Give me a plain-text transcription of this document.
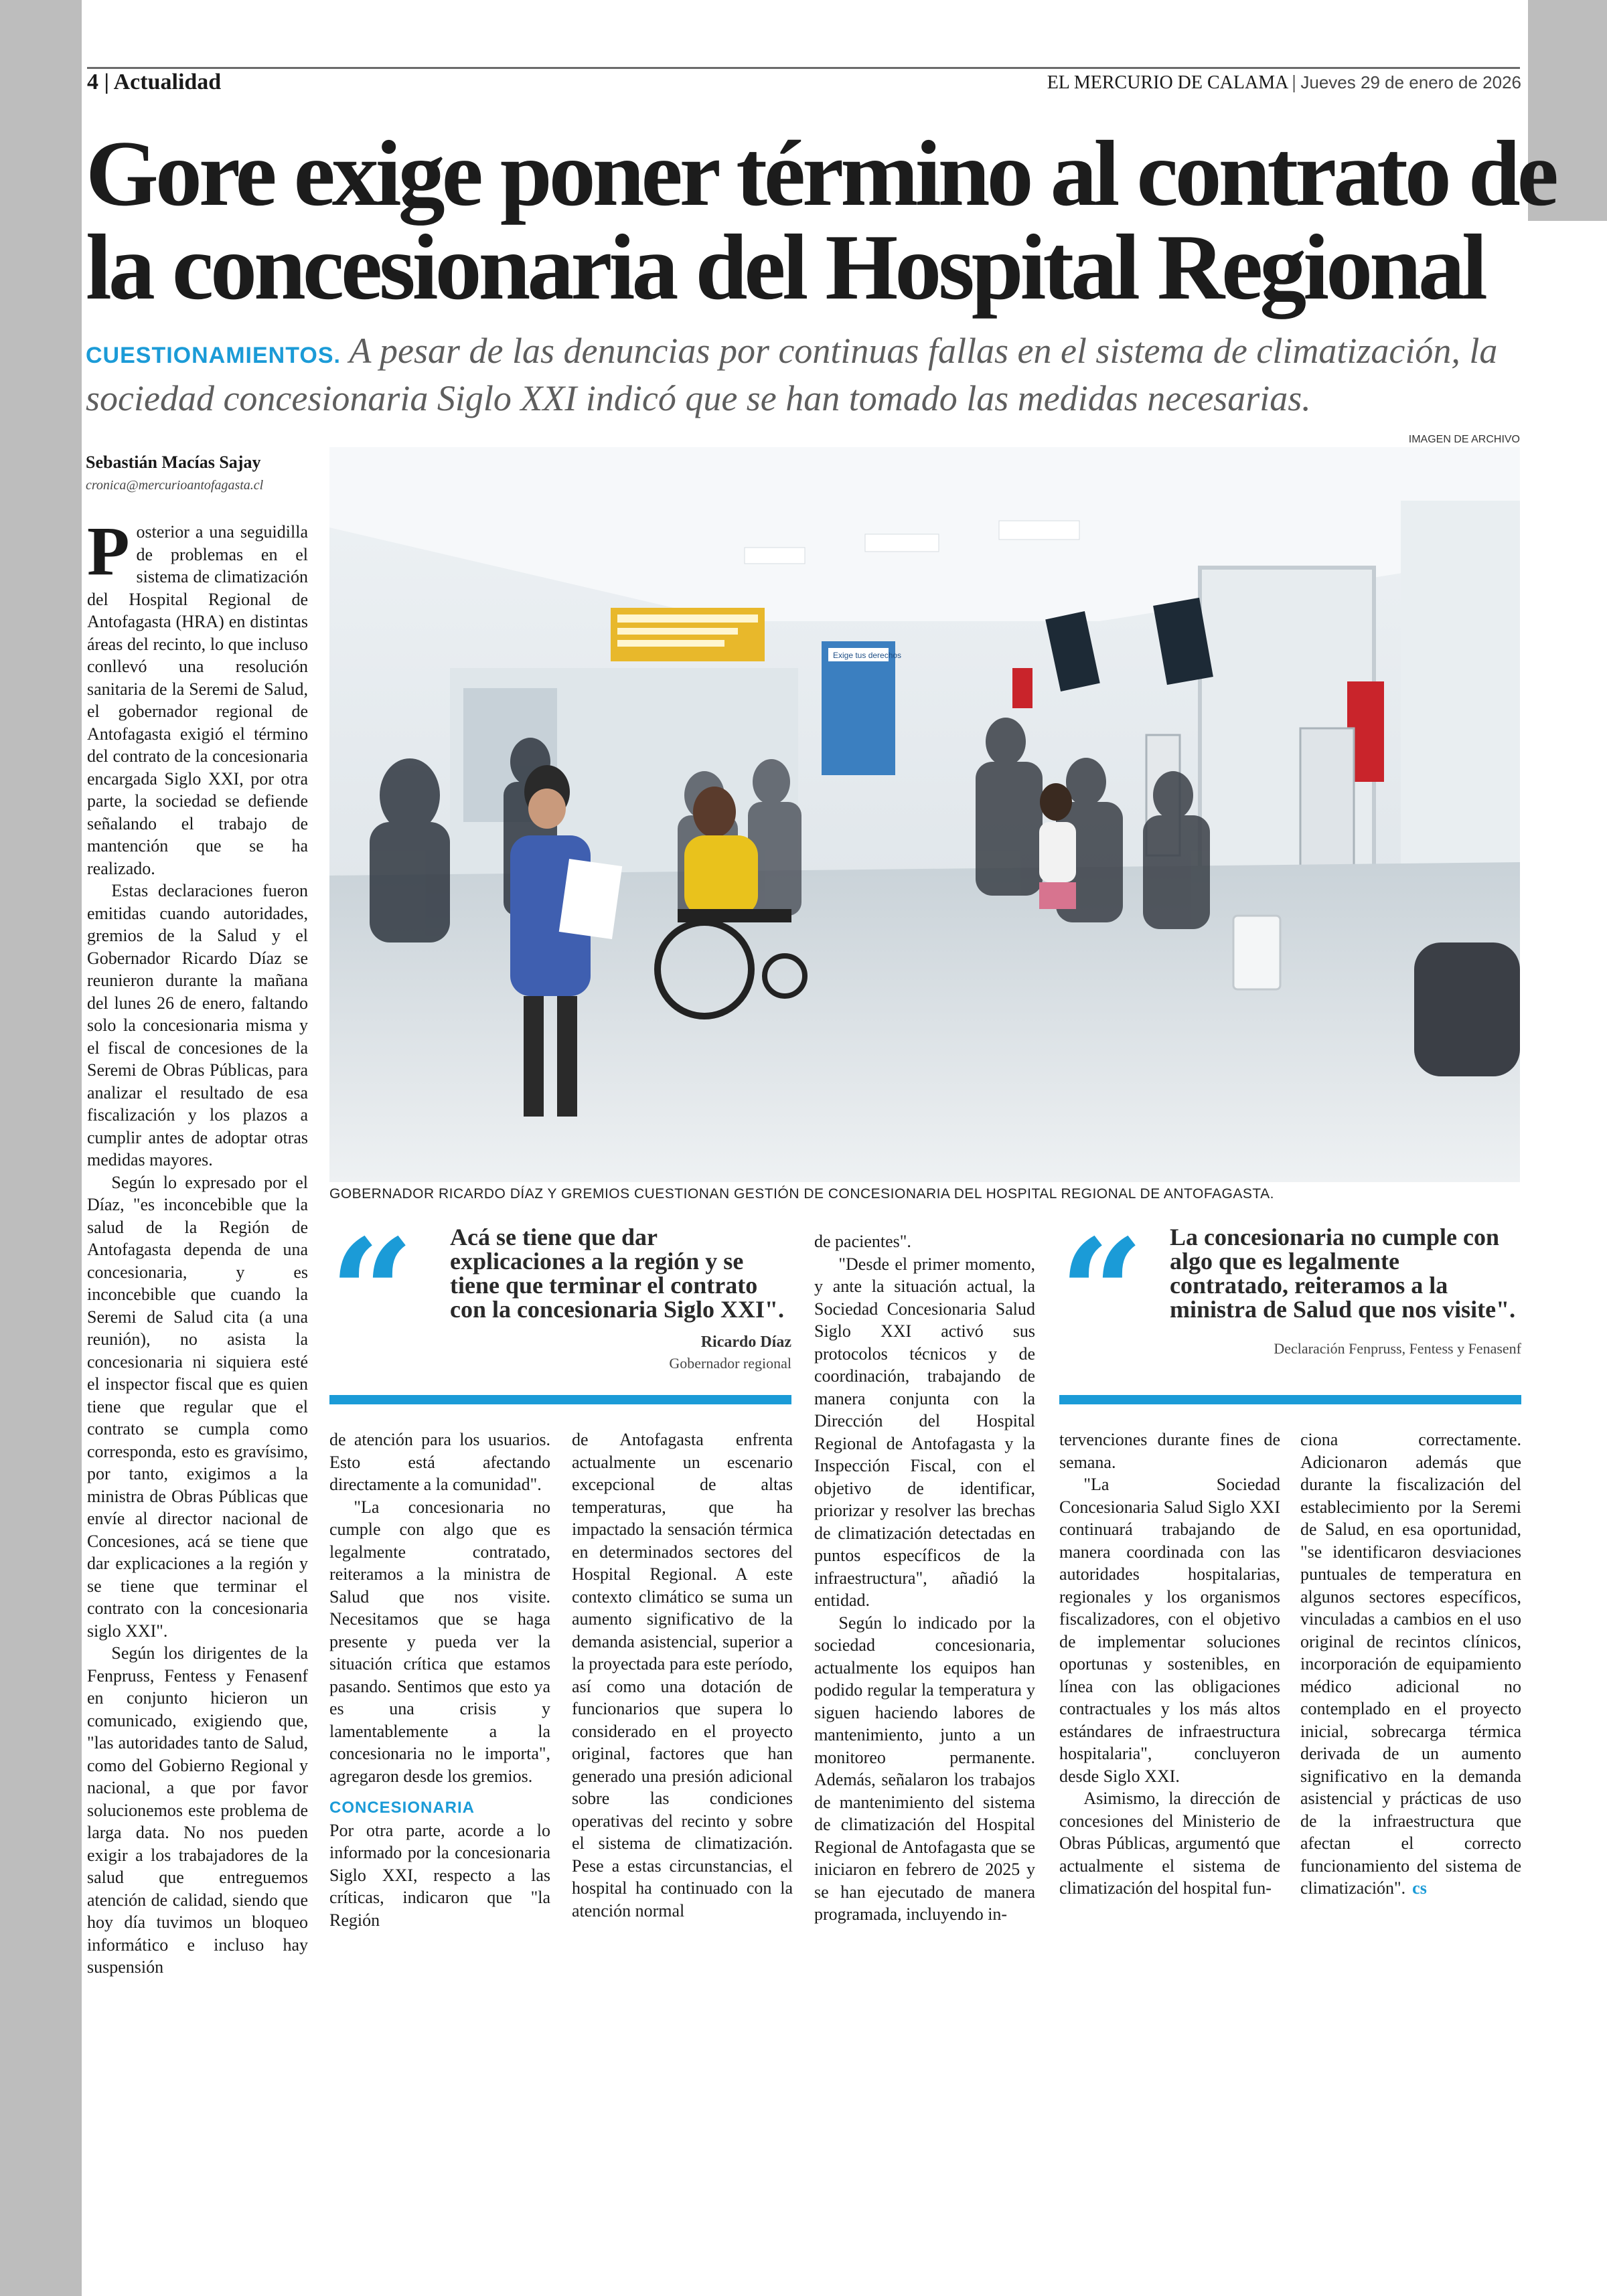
4 | Actualidad	EL MERCURIO DE CALAMA | Jueves 29 de enero de 2026
Gore exige poner término al contrato de
la concesionaria del Hospital Regional
CUESTIONAMIENTOS. A pesar de las denuncias por continuas fallas en el sistema de climatización, la sociedad concesionaria Siglo XXI indicó que se han tomado las medidas necesarias.
Sebastián Macías Sajay
cronica@mercurioantofagasta.cl
IMAGEN DE ARCHIVO
Exige tus derechos
GOBERNADOR RICARDO DÍAZ Y GREMIOS CUESTIONAN GESTIÓN DE CONCESIONARIA DEL HOSPITAL REGIONAL DE ANTOFAGASTA.
“ Acá se tiene que dar explicaciones a la región y se tiene que terminar el contrato con la concesionaria Siglo XXI".
Ricardo Díaz
Gobernador regional “ La concesionaria no cumple con algo que es legalmente contratado, reiteramos a la ministra de Salud que nos visite".
Declaración Fenpruss, Fentess y Fenasenf

Posterior a una seguidilla de problemas en el sistema de climatización del Hospital Regional de Antofagasta (HRA) en distintas áreas del recinto, lo que incluso conllevó una resolución sanitaria de la Seremi de Salud, el gobernador regional de Antofagasta exigió el término del contrato de la concesionaria encargada Siglo XXI, por otra parte, la sociedad se defiende señalando el trabajo de mantención que se ha realizado.

Estas declaraciones fueron emitidas cuando autoridades, gremios de la Salud y el Gobernador Ricardo Díaz se reunieron durante la mañana del lunes 26 de enero, faltando solo la concesionaria misma y el fiscal de concesiones de la Seremi de Obras Públicas, para analizar el resultado de esa fiscalización y los plazos a cumplir antes de adoptar otras medidas mayores.

Según lo expresado por el Díaz, "es inconcebible que la salud de la Región de Antofagasta dependa de una concesionaria, y es inconcebible que cuando la Seremi de Salud cita (a una reunión), no asista la concesionaria ni siquiera esté el inspector fiscal que es quien tiene que regular que el contrato se cumpla como corresponda, esto es gravísimo, por tanto, exigimos a la ministra de Obras Públicas que envíe al director nacional de Concesiones, acá se tiene que dar explicaciones a la región y se tiene que terminar el contrato con la concesionaria siglo XXI".

Según los dirigentes de la Fenpruss, Fentess y Fenasenf en conjunto hicieron un comunicado, exigiendo que, "las autoridades tanto de Salud, como del Gobierno Regional y nacional, a que por favor solucionemos este problema de larga data. No nos pueden exigir a los trabajadores de la salud que entreguemos atención de calidad, siendo que hoy día tuvimos un bloqueo informático e incluso hay suspensión

de atención para los usuarios. Esto está afectando directamente a la comunidad".

"La concesionaria no cumple con algo que es legalmente contratado, reiteramos a la ministra de Salud que nos visite. Necesitamos que se haga presente y pueda ver la situación crítica que estamos pasando. Sentimos que esto ya es una crisis y lamentablemente a la concesionaria no le importa", agregaron desde los gremios.

CONCESIONARIA

Por otra parte, acorde a lo informado por la concesionaria Siglo XXI, respecto a las críticas, indicaron que "la Región

de Antofagasta enfrenta actualmente un escenario excepcional de altas temperaturas, que ha impactado la sensación térmica en determinados sectores del Hospital Regional. A este contexto climático se suma un aumento significativo de la demanda asistencial, superior a la proyectada para este período, así como una dotación de funcionarios que supera lo considerado en el proyecto original, factores que han generado una presión adicional sobre las condiciones operativas del recinto y sobre el sistema de climatización. Pese a estas circunstancias, el hospital ha continuado con la atención normal

de pacientes".

"Desde el primer momento, y ante la situación actual, la Sociedad Concesionaria Salud Siglo XXI activó sus protocolos técnicos y de coordinación, trabajando de manera conjunta con la Dirección del Hospital Regional de Antofagasta y la Inspección Fiscal, con el objetivo de identificar, priorizar y resolver las brechas de climatización detectadas en puntos específicos de la infraestructura", añadió la entidad.

Según lo indicado por la sociedad concesionaria, actualmente los equipos han podido regular la temperatura y siguen haciendo labores de mantenimiento, junto a un monitoreo permanente. Además, señalaron los trabajos de mantenimiento del sistema de climatización del Hospital Regional de Antofagasta que se iniciaron en febrero de 2025 y se han ejecutado de manera programada, incluyendo in-

tervenciones durante fines de semana.

"La Sociedad Concesionaria Salud Siglo XXI continuará trabajando de manera coordinada con las autoridades hospitalarias, regionales y los organismos fiscalizadores, con el objetivo de implementar soluciones oportunas y sostenibles, en línea con las obligaciones contractuales y los más altos estándares de infraestructura hospitalaria", concluyeron desde Siglo XXI.

Asimismo, la dirección de concesiones del Ministerio de Obras Públicas, argumentó que actualmente el sistema de climatización del hospital fun-

ciona correctamente. Adicionaron además que durante la fiscalización del establecimiento por la Seremi de Salud, en esa oportunidad, "se identificaron desviaciones puntuales de temperatura en algunos sectores específicos, vinculadas a cambios en el uso original de recintos clínicos, incorporación de equipamiento médico adicional no contemplado en el proyecto inicial, sobrecarga térmica derivada de un aumento significativo en la demanda asistencial y prácticas de uso de la infraestructura que afectan el correcto funcionamiento del sistema de climatización". cs
